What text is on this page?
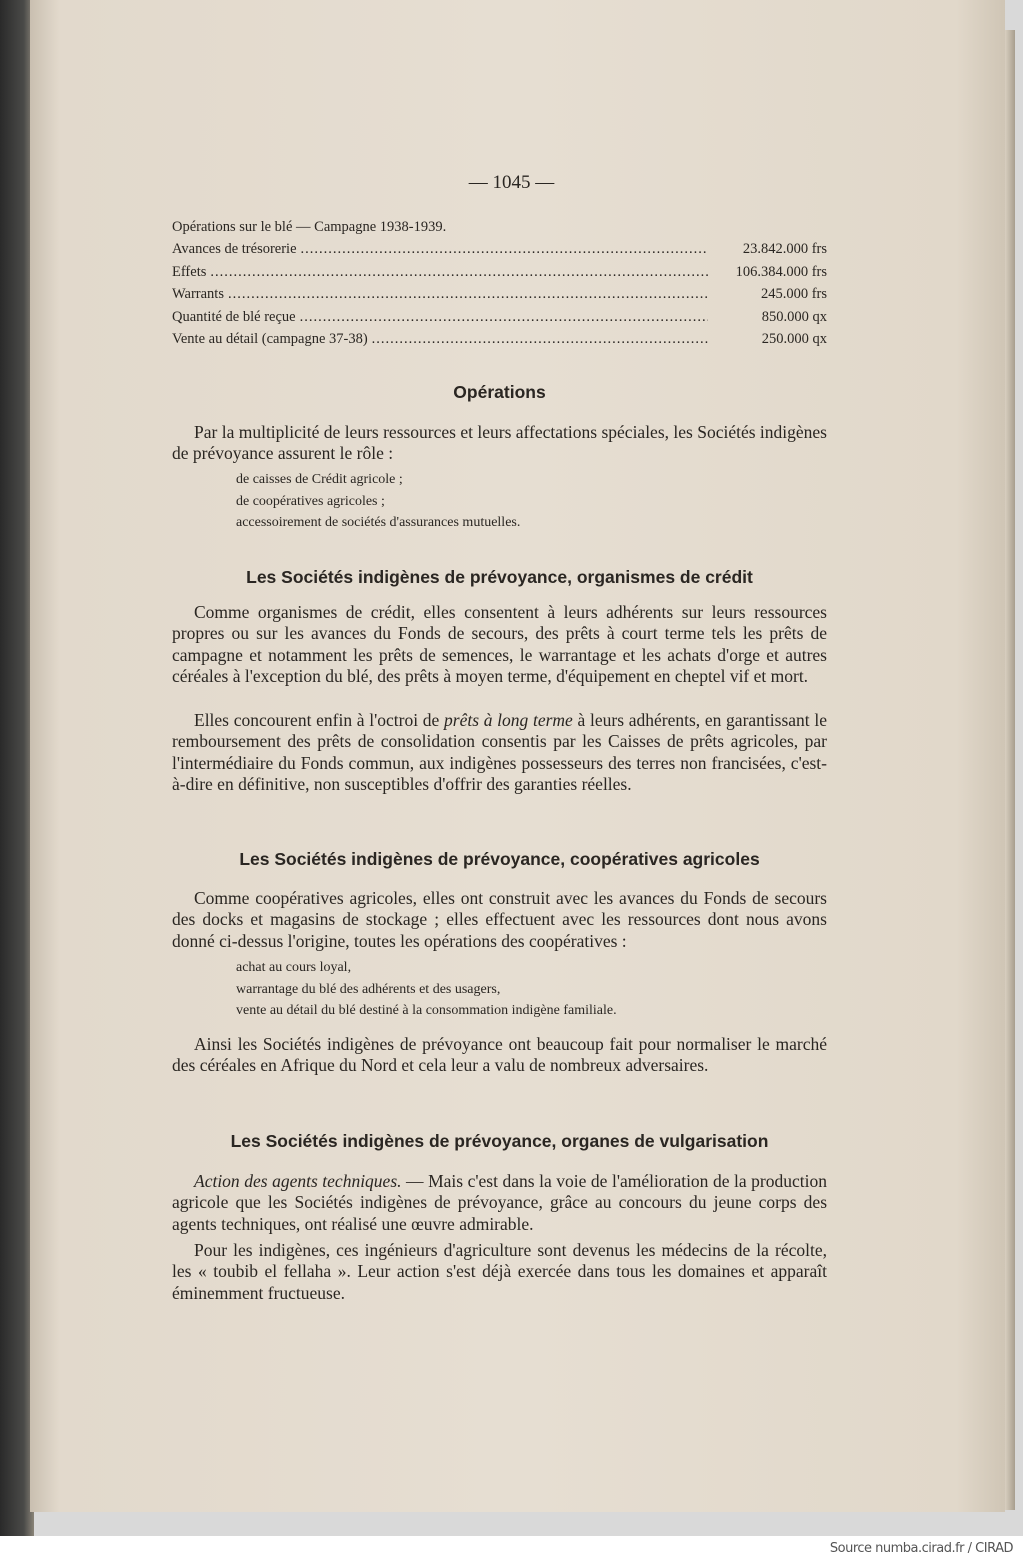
— 1045 —
Opérations sur le blé — Campagne 1938-1939.
Avances de trésorerie .....	23.842.000 frs
Effets .....	106.384.000 frs
Warrants .....	245.000 frs
Quantité de blé reçue .....	850.000 qx
Vente au détail (campagne 37-38) .....	250.000 qx
Opérations

Par la multiplicité de leurs ressources et leurs affectations spéciales, les Sociétés indigènes de prévoyance assurent le rôle :

de caisses de Crédit agricole ;
de coopératives agricoles ;
accessoirement de sociétés d'assurances mutuelles.
Les Sociétés indigènes de prévoyance, organismes de crédit

Comme organismes de crédit, elles consentent à leurs adhérents sur leurs ressources propres ou sur les avances du Fonds de secours, des prêts à court terme tels les prêts de campagne et notamment les prêts de semences, le warrantage et les achats d'orge et autres céréales à l'exception du blé, des prêts à moyen terme, d'équipement en cheptel vif et mort.

Elles concourent enfin à l'octroi de prêts à long terme à leurs adhérents, en garantissant le remboursement des prêts de consolidation consentis par les Caisses de prêts agricoles, par l'intermédiaire du Fonds commun, aux indigènes possesseurs des terres non francisées, c'est-à-dire en définitive, non susceptibles d'offrir des garanties réelles.

Les Sociétés indigènes de prévoyance, coopératives agricoles

Comme coopératives agricoles, elles ont construit avec les avances du Fonds de secours des docks et magasins de stockage ; elles effectuent avec les ressources dont nous avons donné ci-dessus l'origine, toutes les opérations des coopératives :

achat au cours loyal,
warrantage du blé des adhérents et des usagers,
vente au détail du blé destiné à la consommation indigène familiale.

Ainsi les Sociétés indigènes de prévoyance ont beaucoup fait pour normaliser le marché des céréales en Afrique du Nord et cela leur a valu de nombreux adversaires.

Les Sociétés indigènes de prévoyance, organes de vulgarisation

Action des agents techniques. — Mais c'est dans la voie de l'amélioration de la production agricole que les Sociétés indigènes de prévoyance, grâce au concours du jeune corps des agents techniques, ont réalisé une œuvre admirable.

Pour les indigènes, ces ingénieurs d'agriculture sont devenus les médecins de la récolte, les « toubib el fellaha ». Leur action s'est déjà exercée dans tous les domaines et apparaît éminemment fructueuse.

Source numba.cirad.fr / CIRAD
